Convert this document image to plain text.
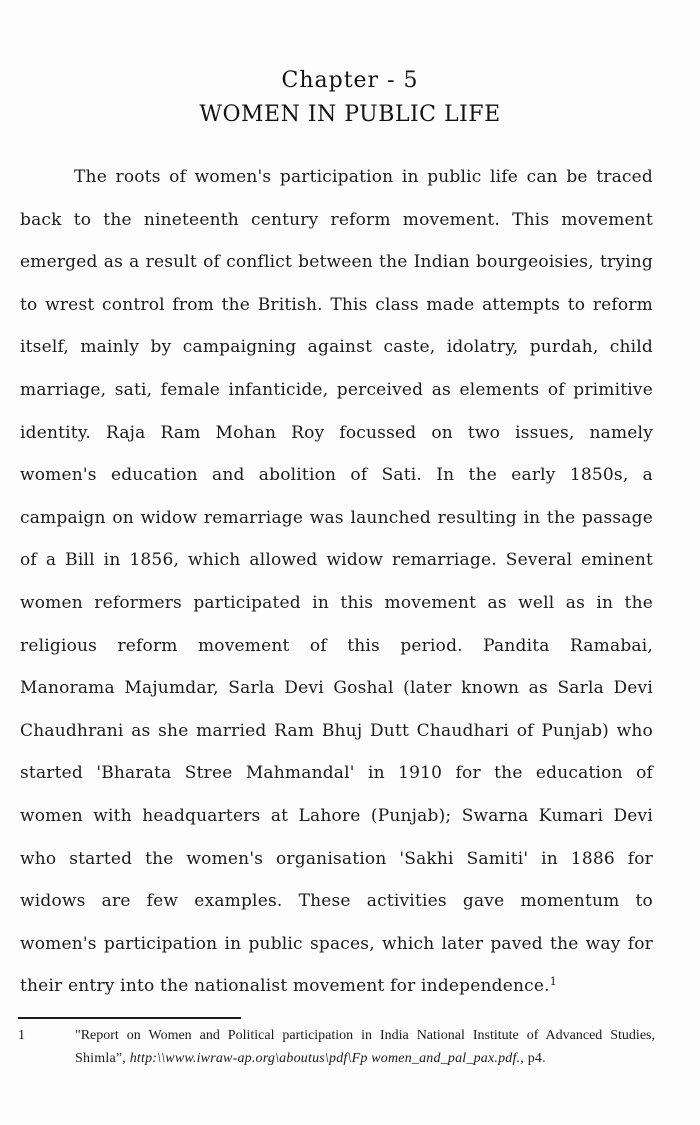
Chapter - 5
WOMEN IN PUBLIC LIFE
The roots of women's participation in public life can be traced
back to the nineteenth century reform movement. This movement
emerged as a result of conflict between the Indian bourgeoisies, trying
to wrest control from the British. This class made attempts to reform
itself, mainly by campaigning against caste, idolatry, purdah, child
marriage, sati, female infanticide, perceived as elements of primitive
identity. Raja Ram Mohan Roy focussed on two issues, namely
women's education and abolition of Sati. In the early 1850s, a
campaign on widow remarriage was launched resulting in the passage
of a Bill in 1856, which allowed widow remarriage. Several eminent
women reformers participated in this movement as well as in the
religious reform movement of this period. Pandita Ramabai,
Manorama Majumdar, Sarla Devi Goshal (later known as Sarla Devi
Chaudhrani as she married Ram Bhuj Dutt Chaudhari of Punjab) who
started 'Bharata Stree Mahmandal' in 1910 for the education of
women with headquarters at Lahore (Punjab); Swarna Kumari Devi
who started the women's organisation 'Sakhi Samiti' in 1886 for
widows are few examples. These activities gave momentum to
women's participation in public spaces, which later paved the way for
their entry into the nationalist movement for independence.$^1$
1	"Report on Women and Political participation in India National Institute of Advanced Studies,
Shimla”, http:\\www.iwraw-ap.org\aboutus\pdf\Fp women_and_pal_pax.pdf., p4.
